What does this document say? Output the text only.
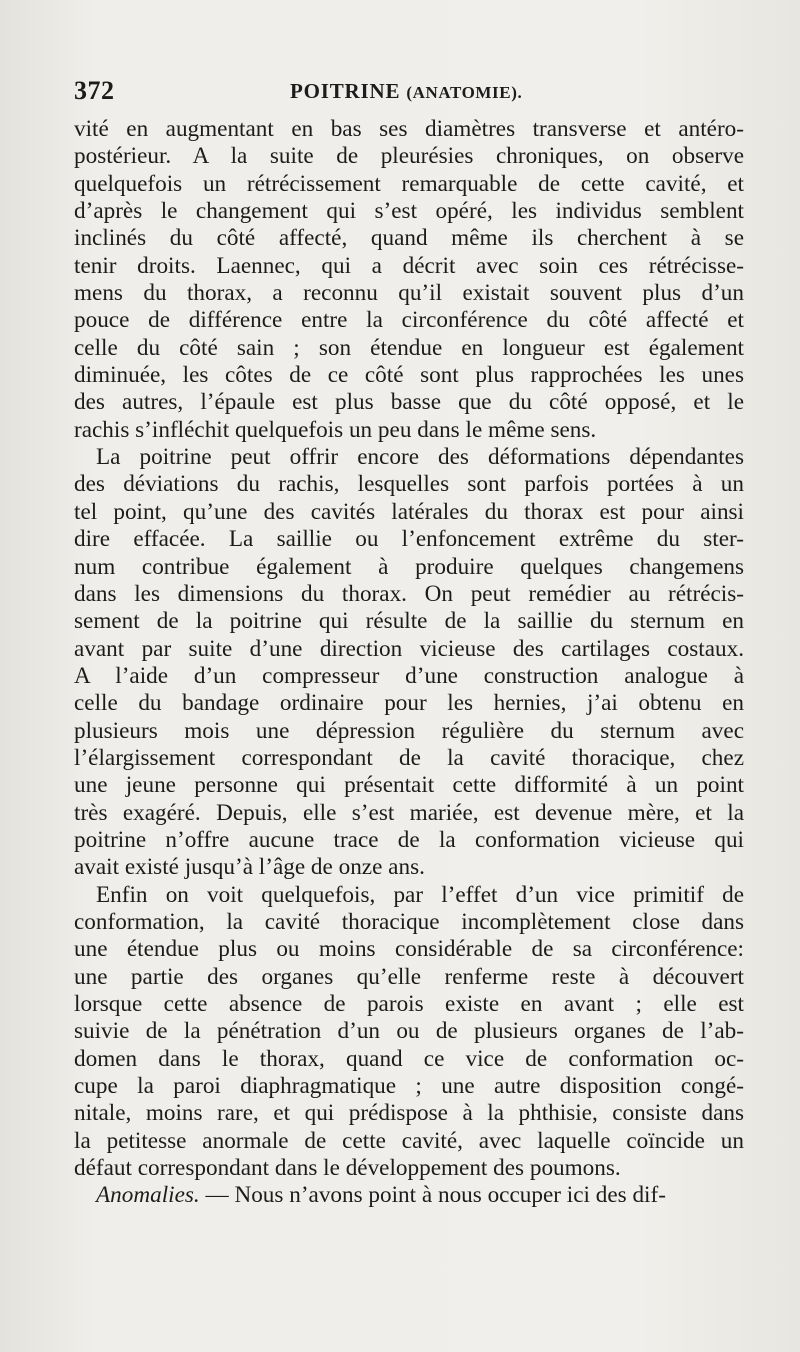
372	POITRINE (ANATOMIE).
vité en augmentant en bas ses diamètres transverse et antéro-
postérieur. A la suite de pleurésies chroniques, on observe
quelquefois un rétrécissement remarquable de cette cavité, et
d’après le changement qui s’est opéré, les individus semblent
inclinés du côté affecté, quand même ils cherchent à se
tenir droits. Laennec, qui a décrit avec soin ces rétrécisse-
mens du thorax, a reconnu qu’il existait souvent plus d’un
pouce de différence entre la circonférence du côté affecté et
celle du côté sain ; son étendue en longueur est également
diminuée, les côtes de ce côté sont plus rapprochées les unes
des autres, l’épaule est plus basse que du côté opposé, et le
rachis s’infléchit quelquefois un peu dans le même sens.
La poitrine peut offrir encore des déformations dépendantes
des déviations du rachis, lesquelles sont parfois portées à un
tel point, qu’une des cavités latérales du thorax est pour ainsi
dire effacée. La saillie ou l’enfoncement extrême du ster-
num contribue également à produire quelques changemens
dans les dimensions du thorax. On peut remédier au rétrécis-
sement de la poitrine qui résulte de la saillie du sternum en
avant par suite d’une direction vicieuse des cartilages costaux.
A l’aide d’un compresseur d’une construction analogue à
celle du bandage ordinaire pour les hernies, j’ai obtenu en
plusieurs mois une dépression régulière du sternum avec
l’élargissement correspondant de la cavité thoracique, chez
une jeune personne qui présentait cette difformité à un point
très exagéré. Depuis, elle s’est mariée, est devenue mère, et la
poitrine n’offre aucune trace de la conformation vicieuse qui
avait existé jusqu’à l’âge de onze ans.
Enfin on voit quelquefois, par l’effet d’un vice primitif de
conformation, la cavité thoracique incomplètement close dans
une étendue plus ou moins considérable de sa circonférence:
une partie des organes qu’elle renferme reste à découvert
lorsque cette absence de parois existe en avant ; elle est
suivie de la pénétration d’un ou de plusieurs organes de l’ab-
domen dans le thorax, quand ce vice de conformation oc-
cupe la paroi diaphragmatique ; une autre disposition congé-
nitale, moins rare, et qui prédispose à la phthisie, consiste dans
la petitesse anormale de cette cavité, avec laquelle coïncide un
défaut correspondant dans le développement des poumons.
Anomalies. — Nous n’avons point à nous occuper ici des dif-
